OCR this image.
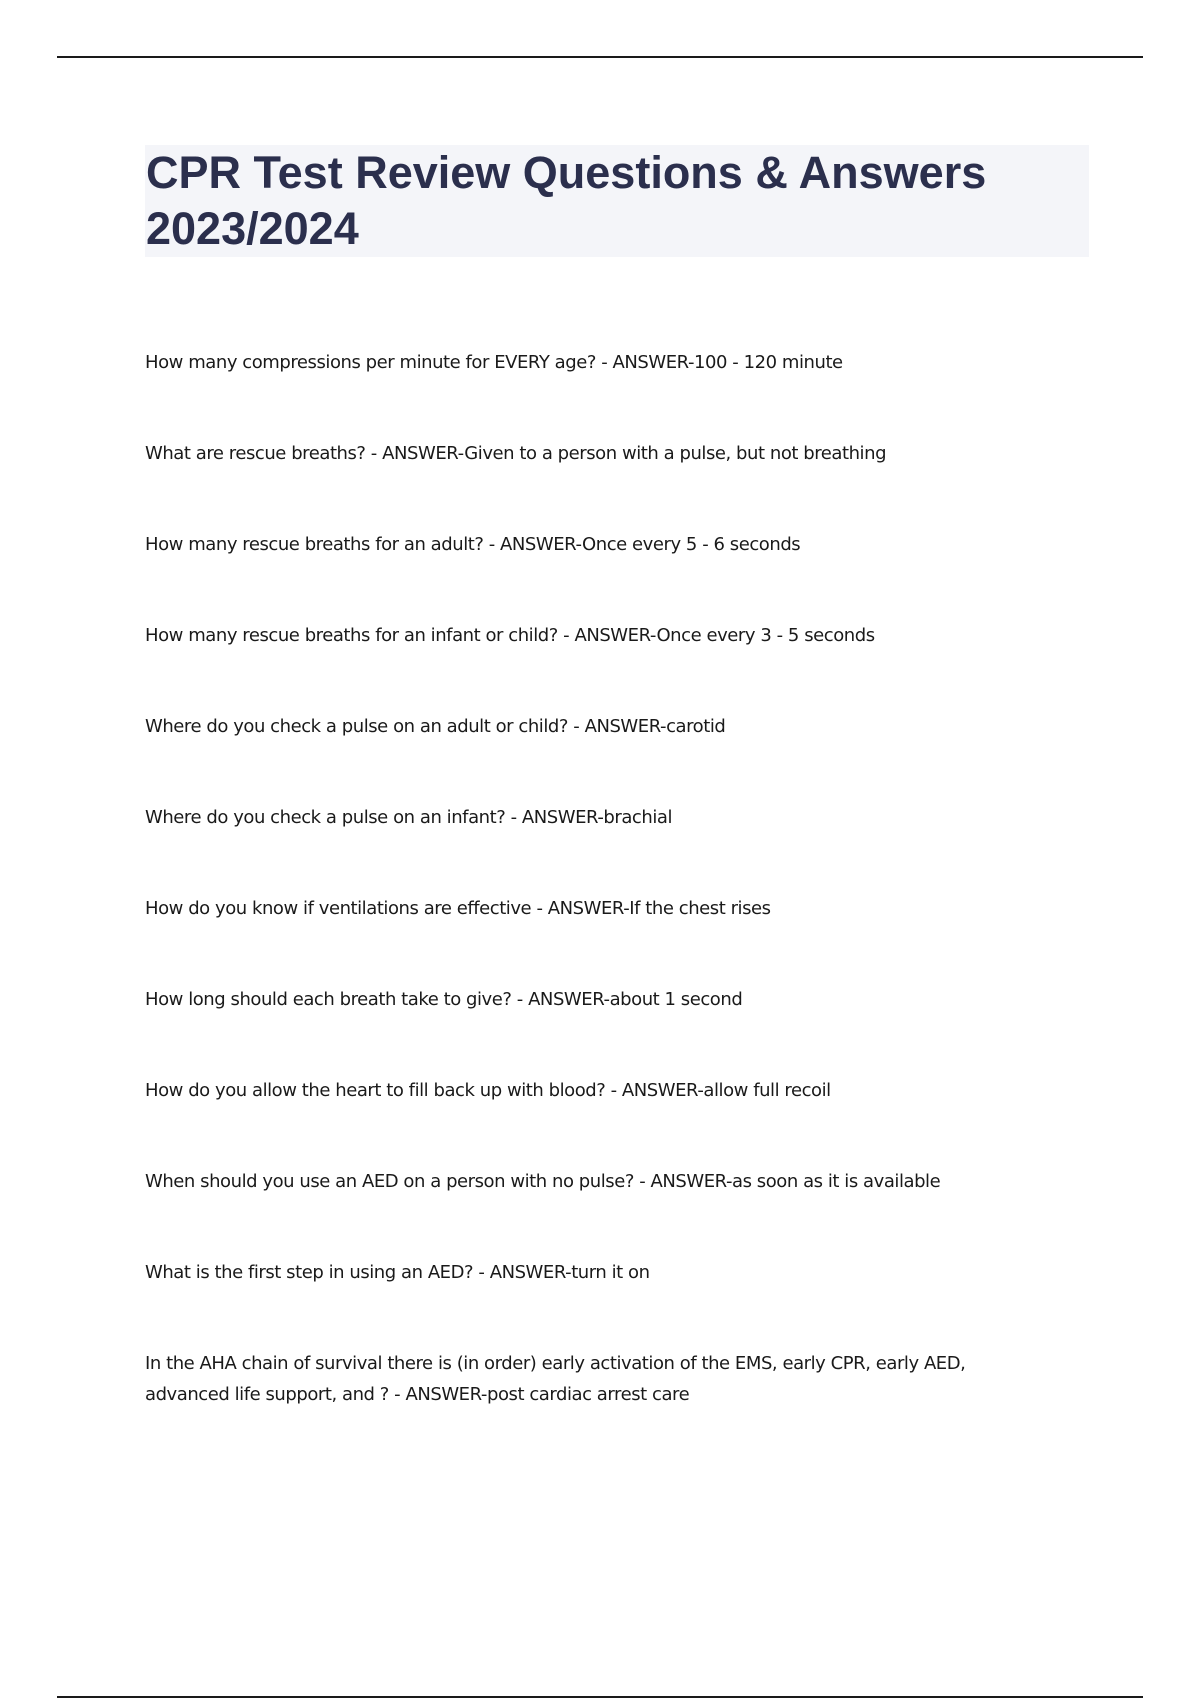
CPR Test Review Questions & Answers 2023/2024
How many compressions per minute for EVERY age? - ANSWER-100 - 120 minute
What are rescue breaths? - ANSWER-Given to a person with a pulse, but not breathing
How many rescue breaths for an adult? - ANSWER-Once every 5 - 6 seconds
How many rescue breaths for an infant or child? - ANSWER-Once every 3 - 5 seconds
Where do you check a pulse on an adult or child? - ANSWER-carotid
Where do you check a pulse on an infant? - ANSWER-brachial
How do you know if ventilations are effective - ANSWER-If the chest rises
How long should each breath take to give? - ANSWER-about 1 second
How do you allow the heart to fill back up with blood? - ANSWER-allow full recoil
When should you use an AED on a person with no pulse? - ANSWER-as soon as it is available
What is the first step in using an AED? - ANSWER-turn it on
In the AHA chain of survival there is (in order) early activation of the EMS, early CPR, early AED, advanced life support, and ? - ANSWER-post cardiac arrest care
